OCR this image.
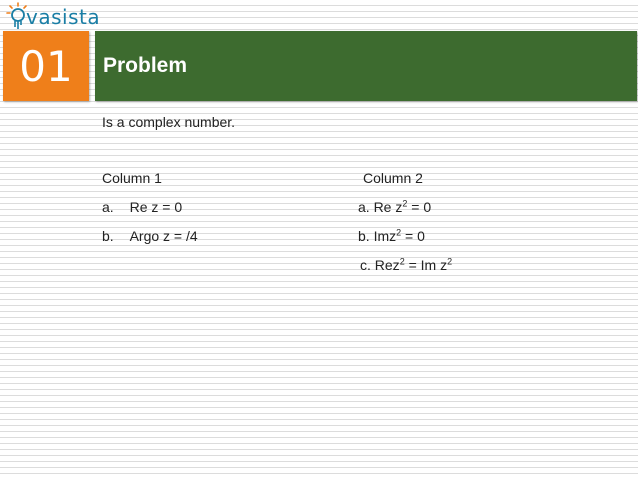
vasista
01 Problem
Is a complex number.
Column 1	Column 2
a. Re z = 0
b. Argo z = /4
a. Re $z^2 = 0$
b. Imz$^2$ = 0
c. Rez$^2$ = Im $z^2$
